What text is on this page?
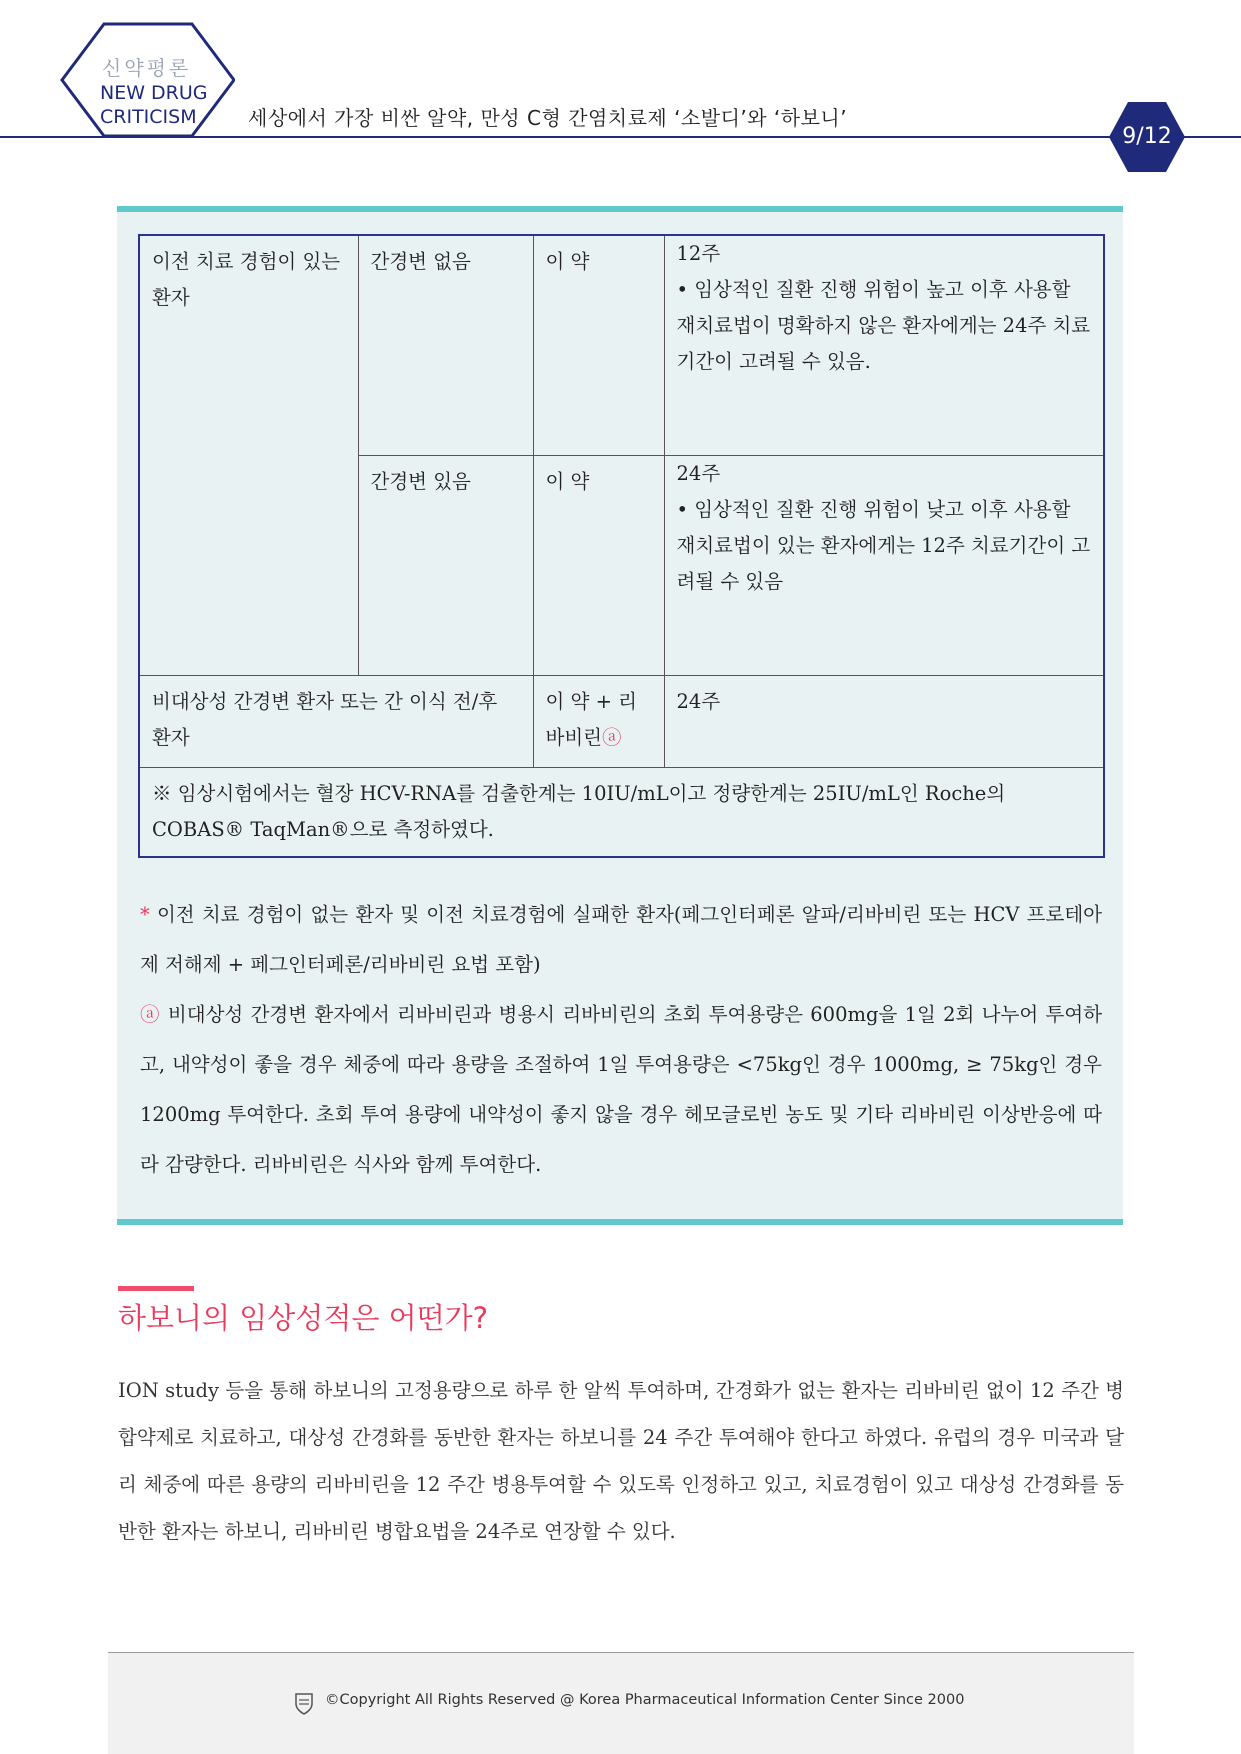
신약평론
NEW DRUG
CRITICISM	세상에서 가장 비싼 알약, 만성 C형 간염치료제 ‘소발디’와 ‘하보니’
9/12
이전 치료 경험이 있는 환자	간경변 없음	이 약	12주
• 임상적인 질환 진행 위험이 높고 이후 사용할 재치료법이 명확하지 않은 환자에게는 24주 치료기간이 고려될 수 있음.

	간경변 있음	이 약	24주
• 임상적인 질환 진행 위험이 낮고 이후 사용할 재치료법이 있는 환자에게는 12주 치료기간이 고려될 수 있음

비대상성 간경변 환자 또는 간 이식 전/후 환자		이 약 + 리바비린ⓐ	24주
※ 임상시험에서는 혈장 HCV-RNA를 검출한계는 10IU/mL이고 정량한계는 25IU/mL인 Roche의 COBAS® TaqMan®으로 측정하였다.			
* 이전 치료 경험이 없는 환자 및 이전 치료경험에 실패한 환자(페그인터페론 알파/리바비린 또는 HCV 프로테아제 저해제 + 페그인터페론/리바비린 요법 포함)
ⓐ 비대상성 간경변 환자에서 리바비린과 병용시 리바비린의 초회 투여용량은 600mg을 1일 2회 나누어 투여하고, 내약성이 좋을 경우 체중에 따라 용량을 조절하여 1일 투여용량은 <75kg인 경우 1000mg, ≥ 75kg인 경우 1200mg 투여한다. 초회 투여 용량에 내약성이 좋지 않을 경우 헤모글로빈 농도 및 기타 리바비린 이상반응에 따라 감량한다. 리바비린은 식사와 함께 투여한다.
하보니의 임상성적은 어떤가?
ION study 등을 통해 하보니의 고정용량으로 하루 한 알씩 투여하며, 간경화가 없는 환자는 리바비린 없이 12 주간 병합약제로 치료하고, 대상성 간경화를 동반한 환자는 하보니를 24 주간 투여해야 한다고 하였다. 유럽의 경우 미국과 달리 체중에 따른 용량의 리바비린을 12 주간 병용투여할 수 있도록 인정하고 있고, 치료경험이 있고 대상성 간경화를 동반한 환자는 하보니, 리바비린 병합요법을 24주로 연장할 수 있다.
©Copyright All Rights Reserved @ Korea Pharmaceutical Information Center Since 2000
